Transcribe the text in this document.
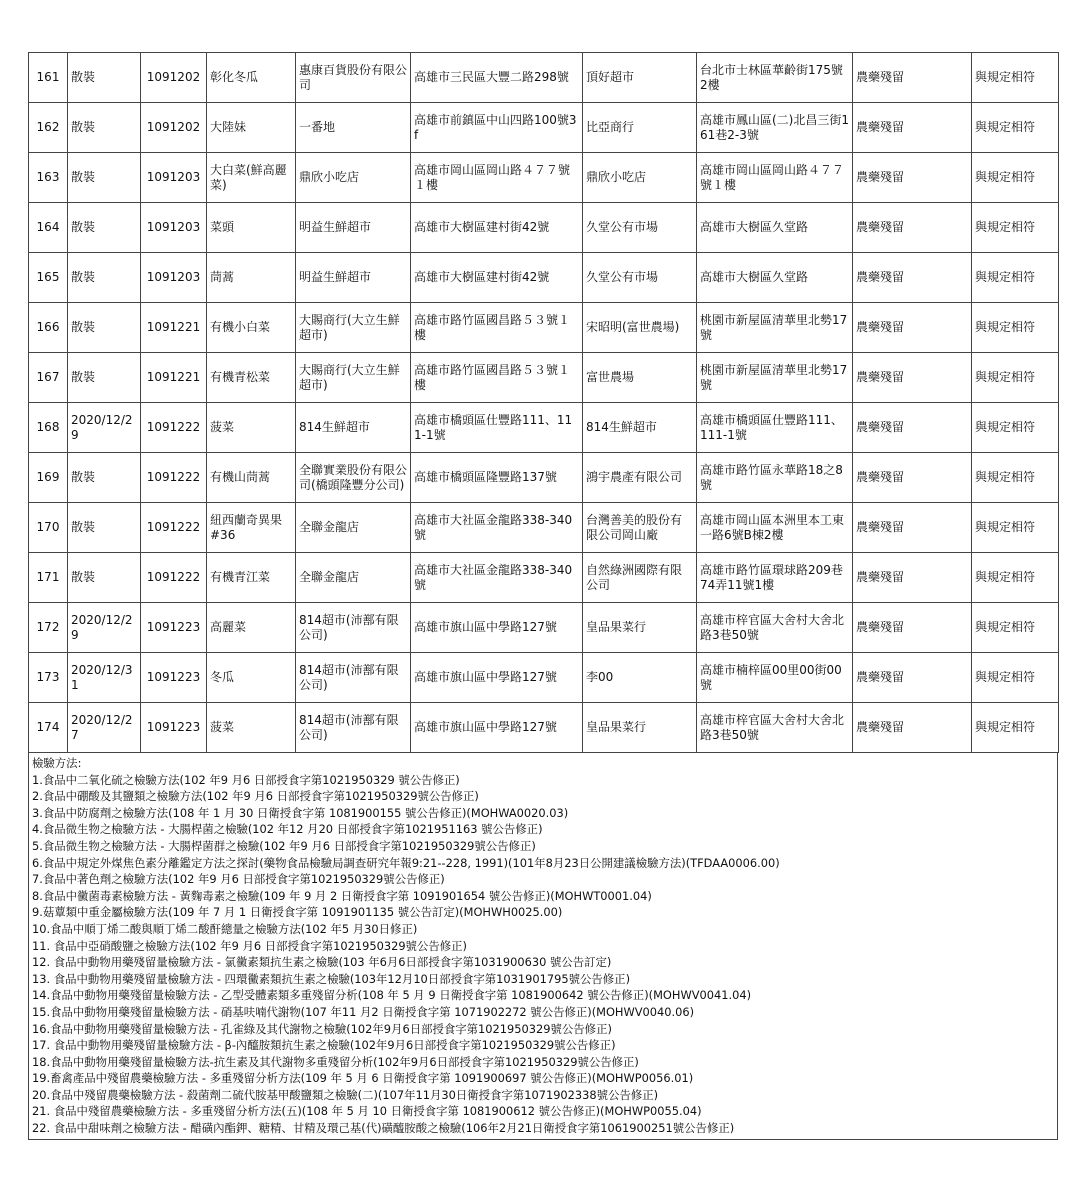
161	散裝	1091202	彰化冬瓜	惠康百貨股份有限公司	高雄市三民區大豐二路298號	頂好超市	台北市士林區華齡街175號2樓	農藥殘留	與規定相符
162	散裝	1091202	大陸妹	一番地	高雄市前鎮區中山四路100號3f	比亞商行	高雄市鳳山區(二)北昌三街161巷2-3號	農藥殘留	與規定相符
163	散裝	1091203	大白菜(鮮高麗菜)	鼎欣小吃店	高雄市岡山區岡山路４７７號１樓	鼎欣小吃店	高雄市岡山區岡山路４７７號１樓	農藥殘留	與規定相符
164	散裝	1091203	菜頭	明益生鮮超市	高雄市大樹區建村街42號	久堂公有市場	高雄市大樹區久堂路	農藥殘留	與規定相符
165	散裝	1091203	茼蒿	明益生鮮超市	高雄市大樹區建村街42號	久堂公有市場	高雄市大樹區久堂路	農藥殘留	與規定相符
166	散裝	1091221	有機小白菜	大賜商行(大立生鮮超市)	高雄市路竹區國昌路５３號１樓	宋昭明(富世農場)	桃園市新屋區清華里北勢17號	農藥殘留	與規定相符
167	散裝	1091221	有機青松菜	大賜商行(大立生鮮超市)	高雄市路竹區國昌路５３號１樓	富世農場	桃園市新屋區清華里北勢17號	農藥殘留	與規定相符
168	2020/12/29	1091222	菠菜	814生鮮超市	高雄市橋頭區仕豐路111、111-1號	814生鮮超市	高雄市橋頭區仕豐路111、111-1號	農藥殘留	與規定相符
169	散裝	1091222	有機山茼蒿	全聯實業股份有限公司(橋頭隆豐分公司)	高雄市橋頭區隆豐路137號	鴻宇農產有限公司	高雄市路竹區永華路18之8號	農藥殘留	與規定相符
170	散裝	1091222	紐西蘭奇異果#36	全聯金龍店	高雄市大社區金龍路338-340號	台灣善美的股份有限公司岡山廠	高雄市岡山區本洲里本工東一路6號B棟2樓	農藥殘留	與規定相符
171	散裝	1091222	有機青江菜	全聯金龍店	高雄市大社區金龍路338-340號	自然綠洲國際有限公司	高雄市路竹區環球路209巷74弄11號1樓	農藥殘留	與規定相符
172	2020/12/29	1091223	高麗菜	814超市(沛鄯有限公司)	高雄市旗山區中學路127號	皇品果菜行	高雄市梓官區大舍村大舍北路3巷50號	農藥殘留	與規定相符
173	2020/12/31	1091223	冬瓜	814超市(沛鄯有限公司)	高雄市旗山區中學路127號	李00	高雄市楠梓區00里00街00號	農藥殘留	與規定相符
174	2020/12/27	1091223	菠菜	814超市(沛鄯有限公司)	高雄市旗山區中學路127號	皇品果菜行	高雄市梓官區大舍村大舍北路3巷50號	農藥殘留	與規定相符
檢驗方法:
1.食品中二氧化硫之檢驗方法(102 年9 月6 日部授食字第1021950329 號公告修正)
2.食品中硼酸及其鹽類之檢驗方法(102 年9 月6 日部授食字第1021950329號公告修正)
3.食品中防腐劑之檢驗方法(108 年 1 月 30 日衛授食字第 1081900155 號公告修正)(MOHWA0020.03)
4.食品微生物之檢驗方法 - 大腸桿菌之檢驗(102 年12 月20 日部授食字第1021951163 號公告修正)
5.食品微生物之檢驗方法 - 大腸桿菌群之檢驗(102 年9 月6 日部授食字第1021950329號公告修正)
6.食品中規定外煤焦色素分離鑑定方法之探討(藥物食品檢驗局調查研究年報9:21--228, 1991)(101年8月23日公開建議檢驗方法)(TFDAA0006.00)
7.食品中著色劑之檢驗方法(102 年9 月6 日部授食字第1021950329號公告修正)
8.食品中黴菌毒素檢驗方法 - 黃麴毒素之檢驗(109 年 9 月 2 日衛授食字第 1091901654 號公告修正)(MOHWT0001.04)
9.菇蕈類中重金屬檢驗方法(109 年 7 月 1 日衛授食字第 1091901135 號公告訂定)(MOHWH0025.00)
10.食品中順丁烯二酸與順丁烯二酸酐總量之檢驗方法(102 年5 月30日修正)
11. 食品中亞硝酸鹽之檢驗方法(102 年9 月6 日部授食字第1021950329號公告修正)
12. 食品中動物用藥殘留量檢驗方法 - 氯黴素類抗生素之檢驗(103 年6月6日部授食字第1031900630 號公告訂定)
13. 食品中動物用藥殘留量檢驗方法 - 四環黴素類抗生素之檢驗(103年12月10日部授食字第1031901795號公告修正)
14.食品中動物用藥殘留量檢驗方法 - 乙型受體素類多重殘留分析(108 年 5 月 9 日衛授食字第 1081900642 號公告修正)(MOHWV0041.04)
15.食品中動物用藥殘留量檢驗方法 - 硝基呋喃代謝物(107 年11 月2 日衛授食字第 1071902272 號公告修正)(MOHWV0040.06)
16.食品中動物用藥殘留量檢驗方法 - 孔雀綠及其代謝物之檢驗(102年9月6日部授食字第1021950329號公告修正)
17. 食品中動物用藥殘留量檢驗方法 - β-內醯胺類抗生素之檢驗(102年9月6日部授食字第1021950329號公告修正)
18.食品中動物用藥殘留量檢驗方法-抗生素及其代謝物多重殘留分析(102年9月6日部授食字第1021950329號公告修正)
19.畜禽產品中殘留農藥檢驗方法 - 多重殘留分析方法(109 年 5 月 6 日衛授食字第 1091900697 號公告修正)(MOHWP0056.01)
20.食品中殘留農藥檢驗方法 - 殺菌劑二硫代胺基甲酸鹽類之檢驗(二)(107年11月30日衛授食字第1071902338號公告修正)
21. 食品中殘留農藥檢驗方法 - 多重殘留分析方法(五)(108 年 5 月 10 日衛授食字第 1081900612 號公告修正)(MOHWP0055.04)
22. 食品中甜味劑之檢驗方法 - 醋磺內酯鉀、糖精、甘精及環己基(代)磺醯胺酸之檢驗(106年2月21日衛授食字第1061900251號公告修正)
